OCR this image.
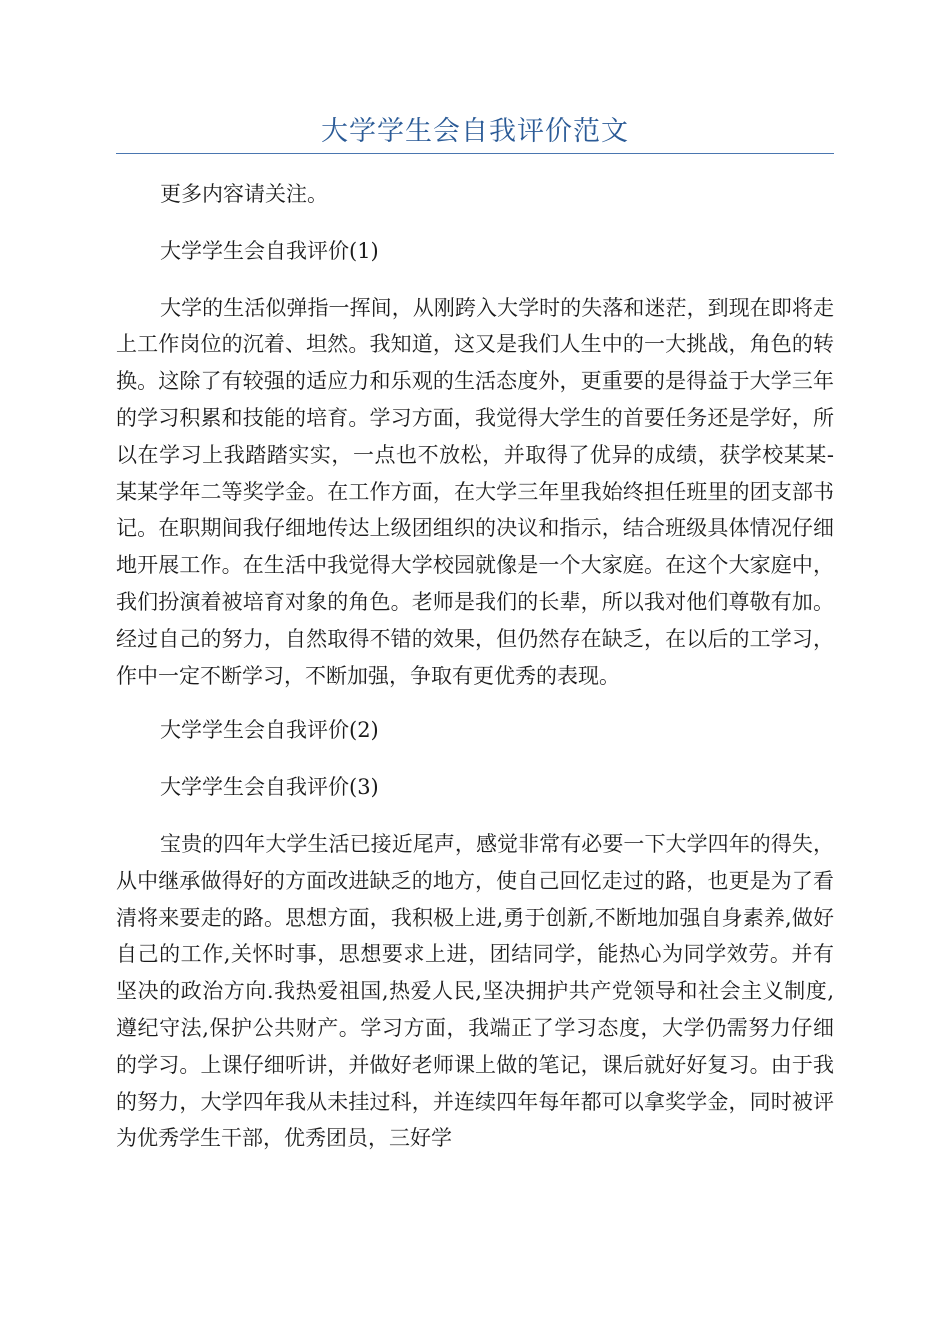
大学学生会自我评价范文

更多内容请关注。

大学学生会自我评价(1)

大学的生活似弹指一挥间，从刚跨入大学时的失落和迷茫，到现在即将走上工作岗位的沉着、坦然。我知道，这又是我们人生中的一大挑战，角色的转换。这除了有较强的适应力和乐观的生活态度外，更重要的是得益于大学三年的学习积累和技能的培育。学习方面，我觉得大学生的首要任务还是学好，所以在学习上我踏踏实实，一点也不放松，并取得了优异的成绩，获学校某某-某某学年二等奖学金。在工作方面，在大学三年里我始终担任班里的团支部书记。在职期间我仔细地传达上级团组织的决议和指示，结合班级具体情况仔细地开展工作。在生活中我觉得大学校园就像是一个大家庭。在这个大家庭中，我们扮演着被培育对象的角色。老师是我们的长辈，所以我对他们尊敬有加。经过自己的努力，自然取得不错的效果，但仍然存在缺乏，在以后的工学习，作中一定不断学习，不断加强，争取有更优秀的表现。

大学学生会自我评价(2)

大学学生会自我评价(3)

宝贵的四年大学生活已接近尾声，感觉非常有必要一下大学四年的得失，从中继承做得好的方面改进缺乏的地方，使自己回忆走过的路，也更是为了看清将来要走的路。思想方面，我积极上进,勇于创新,不断地加强自身素养,做好自己的工作,关怀时事，思想要求上进，团结同学，能热心为同学效劳。并有坚决的政治方向.我热爱祖国,热爱人民,坚决拥护共产党领导和社会主义制度,遵纪守法,保护公共财产。学习方面，我端正了学习态度，大学仍需努力仔细的学习。上课仔细听讲，并做好老师课上做的笔记，课后就好好复习。由于我的努力，大学四年我从未挂过科，并连续四年每年都可以拿奖学金，同时被评为优秀学生干部，优秀团员，三好学
